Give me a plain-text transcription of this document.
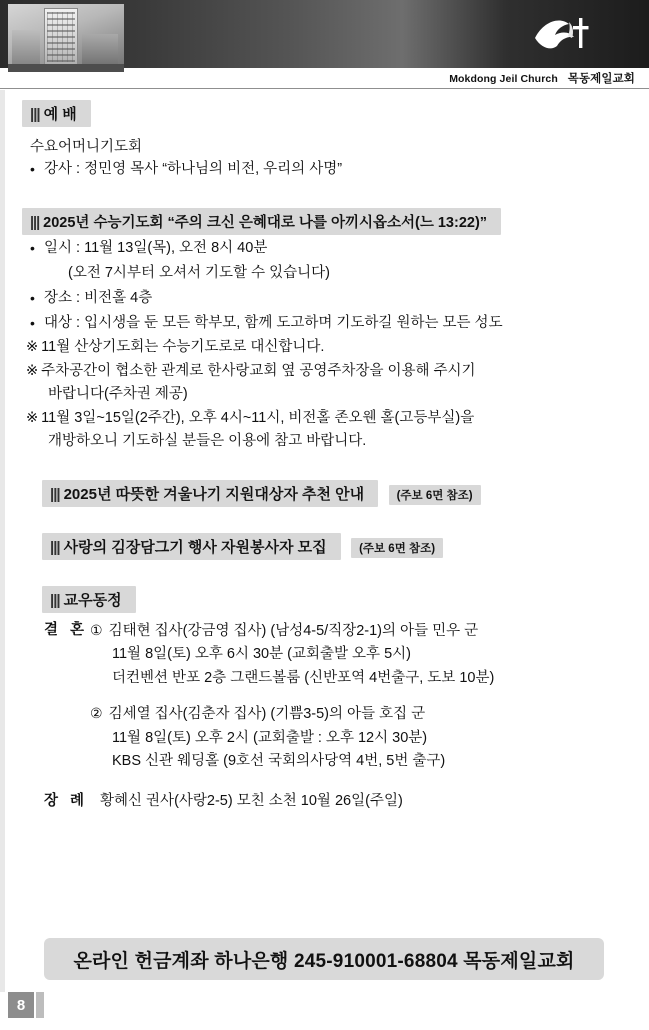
Mokdong Jeil Church 목동제일교회
||| 예 배
수요어머니기도회
• 강사 : 정민영 목사 “하나님의 비전, 우리의 사명”
||| 2025년 수능기도회 “주의 크신 은혜대로 나를 아끼시옵소서(느 13:22)”
• 일시 : 11월 13일(목), 오전 8시 40분
(오전 7시부터 오셔서 기도할 수 있습니다)
• 장소 : 비전홀 4층
• 대상 : 입시생을 둔 모든 학부모, 함께 도고하며 기도하길 원하는 모든 성도
※ 11월 산상기도회는 수능기도로로 대신합니다.
※ 주차공간이 협소한 관계로 한사랑교회 옆 공영주차장을 이용해 주시기
바랍니다(주차권 제공)
※ 11월 3일~15일(2주간), 오후 4시~11시, 비전홀 존오웬 홀(고등부실)을
개방하오니 기도하실 분들은 이용에 참고 바랍니다.
||| 2025년 따뜻한 겨울나기 지원대상자 추천 안내	(주보 6면 참조)
||| 사랑의 김장담그기 행사 자원봉사자 모집	(주보 6면 참조)
||| 교우동정
결 혼 ① 김태현 집사(강금영 집사) (남성4-5/직장2-1)의 아들 민우 군
11월 8일(토) 오후 6시 30분 (교회출발 오후 5시)
더컨벤션 반포 2층 그랜드볼룸 (신반포역 4번출구, 도보 10분)
② 김세열 집사(김춘자 집사) (기쁨3-5)의 아들 호집 군
11월 8일(토) 오후 2시 (교회출발 : 오후 12시 30분)
KBS 신관 웨딩홀 (9호선 국회의사당역 4번, 5번 출구)
장 례 황혜신 권사(사랑2-5) 모친 소천 10월 26일(주일)
온라인 헌금계좌 하나은행 245-910001-68804 목동제일교회
8
